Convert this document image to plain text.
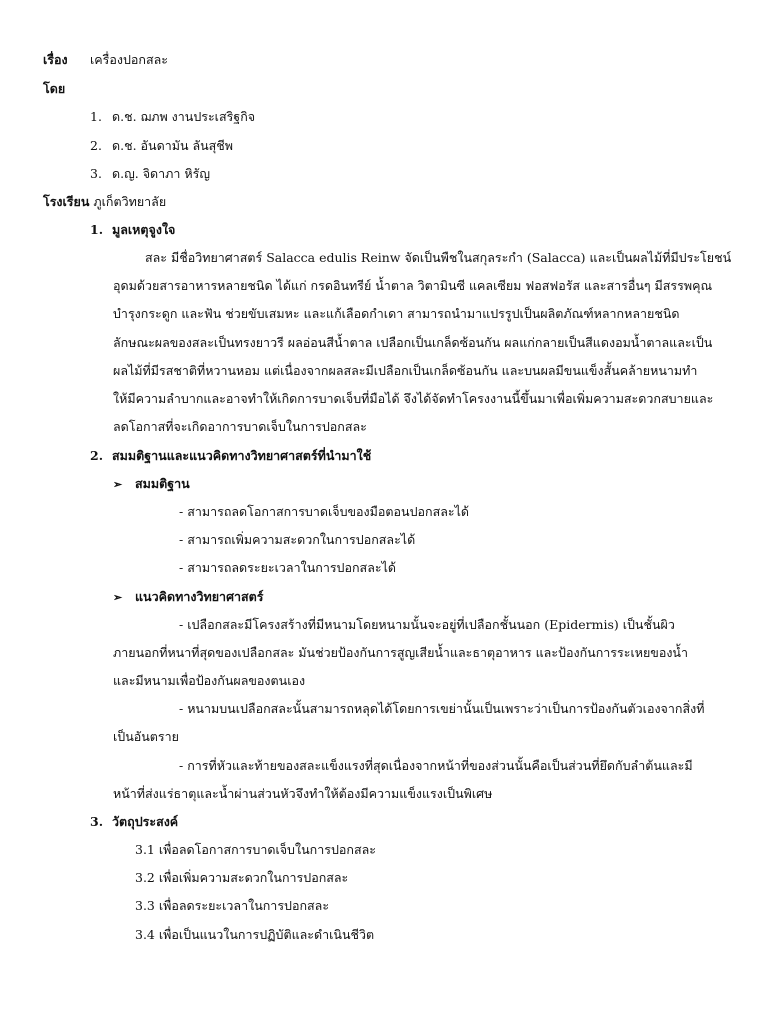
เรื่อง เครื่องปอกสละ
โดย
1. ด.ช. ฌภพ งานประเสริฐกิจ
2. ด.ช. อันดามัน ลันสุชีพ
3. ด.ญ. จิดาภา หิรัญ
โรงเรียน ภูเก็ตวิทยาลัย
1. มูลเหตุจูงใจ
สละ มีชื่อวิทยาศาสตร์ Salacca edulis Reinw จัดเป็นพืชในสกุลระกำ (Salacca) และเป็นผลไม้ที่มีประโยชน์
อุดมด้วยสารอาหารหลายชนิด ได้แก่ กรดอินทรีย์ น้ำตาล วิตามินซี แคลเซียม ฟอสฟอรัส และสารอื่นๆ มีสรรพคุณ
บำรุงกระดูก และฟัน ช่วยขับเสมหะ และแก้เลือดกำเดา สามารถนำมาแปรรูปเป็นผลิตภัณฑ์หลากหลายชนิด
ลักษณะผลของสละเป็นทรงยาวรี ผลอ่อนสีน้ำตาล เปลือกเป็นเกล็ดซ้อนกัน ผลแก่กลายเป็นสีแดงอมน้ำตาลและเป็น
ผลไม้ที่มีรสชาติที่หวานหอม แต่เนื่องจากผลสละมีเปลือกเป็นเกล็ดซ้อนกัน และบนผลมีขนแข็งสั้นคล้ายหนามทำ
ให้มีความลำบากและอาจทำให้เกิดการบาดเจ็บที่มือได้ จึงได้จัดทำโครงงานนี้ขึ้นมาเพื่อเพิ่มความสะดวกสบายและ
ลดโอกาสที่จะเกิดอาการบาดเจ็บในการปอกสละ
2. สมมติฐานและแนวคิดทางวิทยาศาสตร์ที่นำมาใช้
➢ สมมติฐาน
- สามารถลดโอกาสการบาดเจ็บของมือตอนปอกสละได้
- สามารถเพิ่มความสะดวกในการปอกสละได้
- สามารถลดระยะเวลาในการปอกสละได้
➢ แนวคิดทางวิทยาศาสตร์
- เปลือกสละมีโครงสร้างที่มีหนามโดยหนามนั้นจะอยู่ที่เปลือกชั้นนอก (Epidermis) เป็นชั้นผิว
ภายนอกที่หนาที่สุดของเปลือกสละ มันช่วยป้องกันการสูญเสียน้ำและธาตุอาหาร และป้องกันการระเหยของน้ำ
และมีหนามเพื่อป้องกันผลของตนเอง
- หนามบนเปลือกสละนั้นสามารถหลุดได้โดยการเขย่านั้นเป็นเพราะว่าเป็นการป้องกันตัวเองจากสิ่งที่
เป็นอันตราย
- การที่หัวและท้ายของสละแข็งแรงที่สุดเนื่องจากหน้าที่ของส่วนนั้นคือเป็นส่วนที่ยึดกับลำต้นและมี
หน้าที่ส่งแร่ธาตุและน้ำผ่านส่วนหัวจึงทำให้ต้องมีความแข็งแรงเป็นพิเศษ
3. วัตถุประสงค์
3.1 เพื่อลดโอกาสการบาดเจ็บในการปอกสละ
3.2 เพื่อเพิ่มความสะดวกในการปอกสละ
3.3 เพื่อลดระยะเวลาในการปอกสละ
3.4 เพื่อเป็นแนวในการปฏิบัติและดำเนินชีวิต
